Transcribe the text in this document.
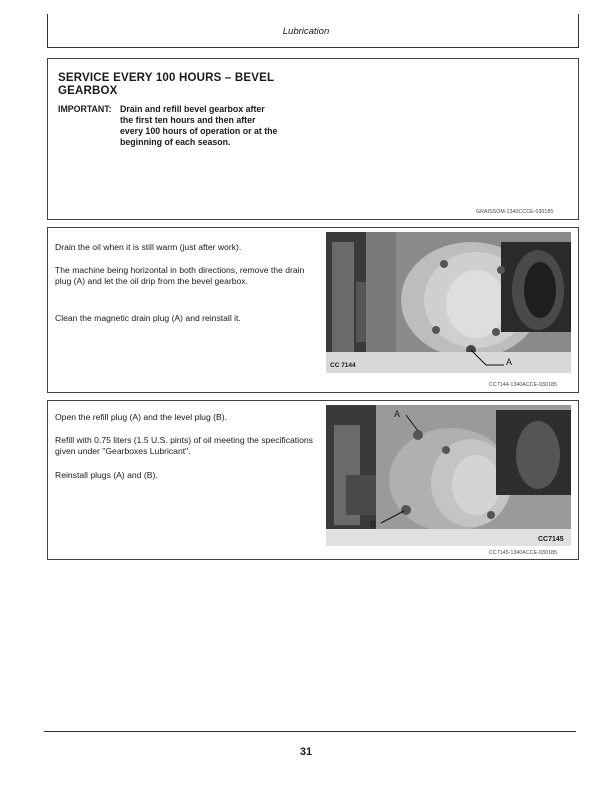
Lubrication
SERVICE EVERY 100 HOURS – BEVEL
GEARBOX
IMPORTANT: Drain and refill bevel gearbox after
the first ten hours and then after
every 100 hours of operation or at the
beginning of each season.
GRAISSOM-1340CCCE-030185
Drain the oil when it is still warm (just after work).
The machine being horizontal in both directions, remove the drain plug (A) and let the oil drip from the bevel gearbox.
Clean the magnetic drain plug (A) and reinstall it.
CC 7144	A
CC7144-1340ACCE-030185
Open the refill plug (A) and the level plug (B).
Refill with 0.75 liters (1.5 U.S. pints) of oil meeting the specifications given under "Gearboxes Lubricant".
Reinstall plugs (A) and (B).
A
B
CC7145
CC7145-1340ACCE-030185
31
